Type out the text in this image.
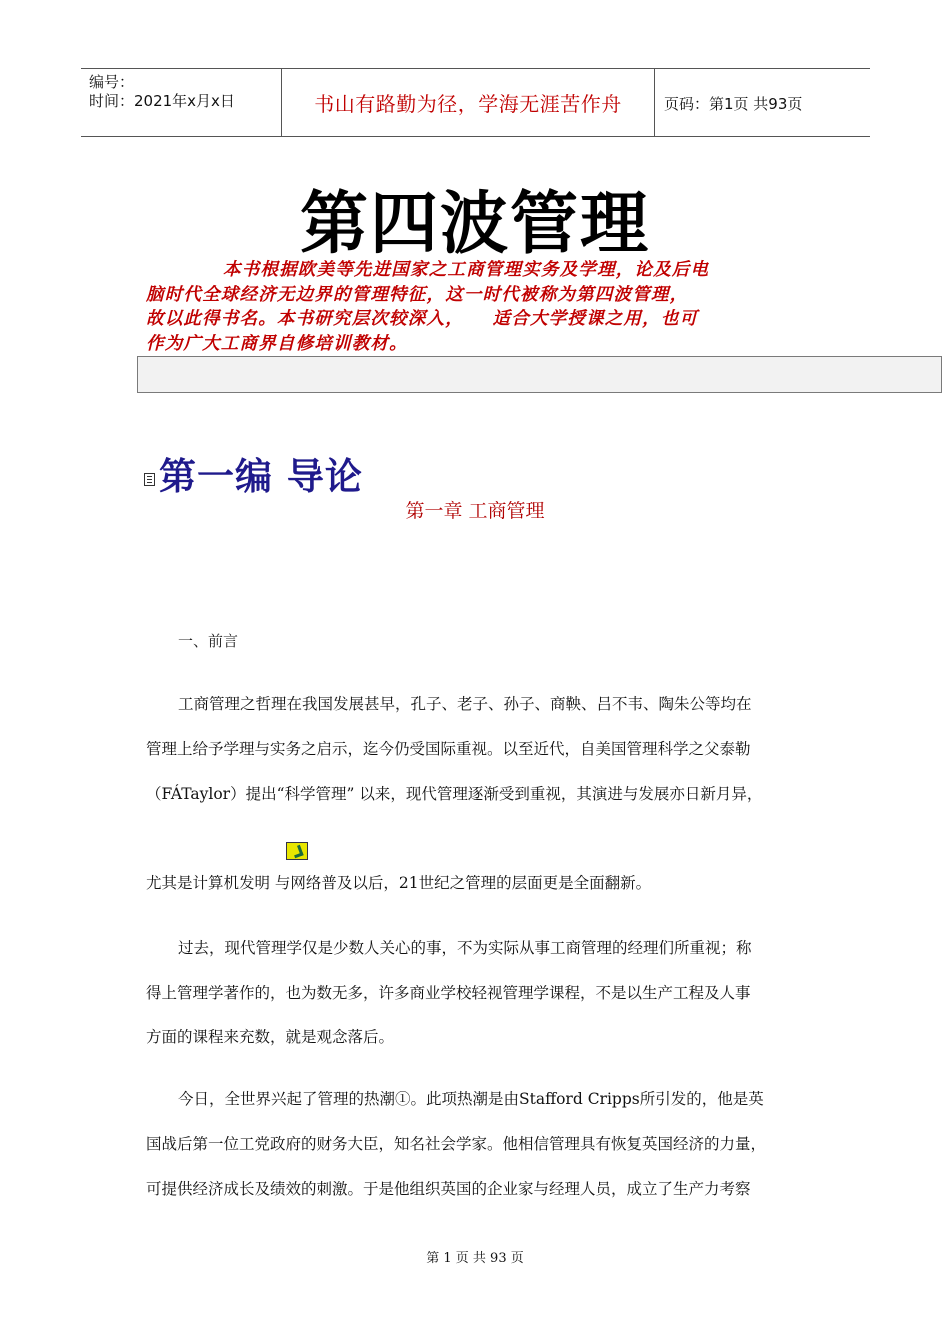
编号：
时间：2021年x月x日	书山有路勤为径，学海无涯苦作舟	页码：第1页 共93页
第四波管理
本书根据欧美等先进国家之工商管理实务及学理，论及后电
脑时代全球经济无边界的管理特征，这一时代被称为第四波管理，
故以此得书名。本书研究层次较深入，　　适合大学授课之用，也可
作为广大工商界自修培训教材。
第一编 导论
第一章 工商管理
一、前言
工商管理之哲理在我国发展甚早，孔子、老子、孙子、商鞅、吕不韦、陶朱公等均在
管理上给予学理与实务之启示，迄今仍受国际重视。以至近代，自美国管理科学之父泰勒
（FÁTaylor）提出“科学管理” 以来，现代管理逐渐受到重视，其演进与发展亦日新月异，
尤其是计算机发明 与网络普及以后，21世纪之管理的层面更是全面翻新。
过去，现代管理学仅是少数人关心的事，不为实际从事工商管理的经理们所重视；称
得上管理学著作的，也为数无多，许多商业学校轻视管理学课程，不是以生产工程及人事
方面的课程来充数，就是观念落后。
今日，全世界兴起了管理的热潮①。此项热潮是由Stafford Cripps所引发的，他是英
国战后第一位工党政府的财务大臣，知名社会学家。他相信管理具有恢复英国经济的力量，
可提供经济成长及绩效的刺激。于是他组织英国的企业家与经理人员，成立了生产力考察
第 1 页 共 93 页
